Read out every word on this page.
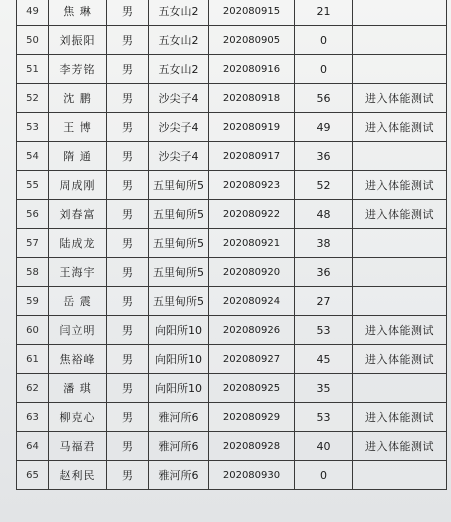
49	焦 琳	男	五女山2	202080915	21	
50	刘振阳	男	五女山2	202080905	0	
51	李芳铭	男	五女山2	202080916	0	
52	沈 鹏	男	沙尖子4	202080918	56	进入体能测试
53	王 博	男	沙尖子4	202080919	49	进入体能测试
54	隋 通	男	沙尖子4	202080917	36	
55	周成刚	男	五里甸所5	202080923	52	进入体能测试
56	刘春富	男	五里甸所5	202080922	48	进入体能测试
57	陆成龙	男	五里甸所5	202080921	38	
58	王海宇	男	五里甸所5	202080920	36	
59	岳 震	男	五里甸所5	202080924	27	
60	闫立明	男	向阳所10	202080926	53	进入体能测试
61	焦裕峰	男	向阳所10	202080927	45	进入体能测试
62	潘 琪	男	向阳所10	202080925	35	
63	柳克心	男	雅河所6	202080929	53	进入体能测试
64	马福君	男	雅河所6	202080928	40	进入体能测试
65	赵利民	男	雅河所6	202080930	0	
